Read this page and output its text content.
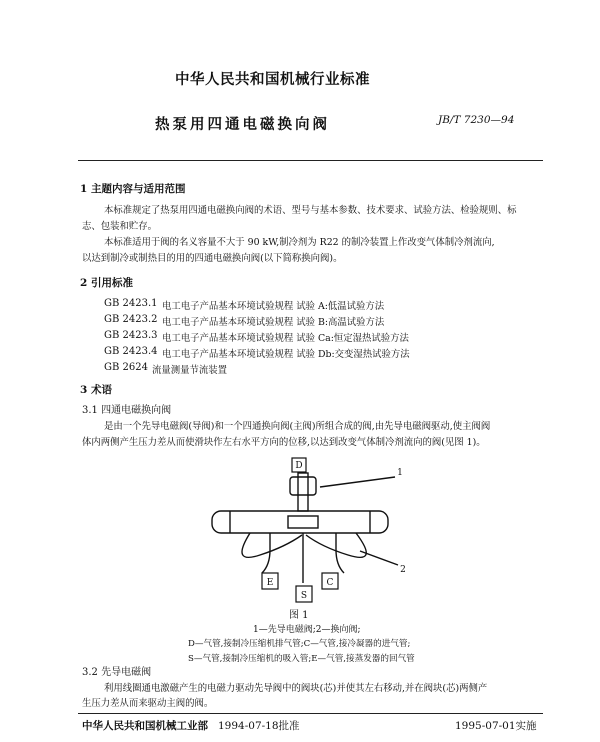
中华人民共和国机械行业标准
热泵用四通电磁换向阀	JB/T 7230—94
1 主题内容与适用范围
本标准规定了热泵用四通电磁换向阀的术语、型号与基本参数、技术要求、试验方法、检验规则、标
志、包装和贮存。
本标准适用于阀的名义容量不大于 90 kW,制冷剂为 R22 的制冷装置上作改变气体制冷剂流向,
以达到制冷或制热目的用的四通电磁换向阀(以下简称换向阀)。
2 引用标准
GB 2423.1 电工电子产品基本环境试验规程 试验 A:低温试验方法
GB 2423.2 电工电子产品基本环境试验规程 试验 B:高温试验方法
GB 2423.3 电工电子产品基本环境试验规程 试验 Ca:恒定湿热试验方法
GB 2423.4 电工电子产品基本环境试验规程 试验 Db:交变湿热试验方法
GB 2624 流量测量节流装置
3 术语
3.1 四通电磁换向阀
是由一个先导电磁阀(导阀)和一个四通换向阀(主阀)所组合成的阀,由先导电磁阀驱动,使主阀阀
体内两侧产生压力差从而使滑块作左右水平方向的位移,以达到改变气体制冷剂流向的阀(见图 1)。
D
E
S
C
1
2
图 1
1—先导电磁阀;2—换向阀;
D—气管,接制冷压缩机排气管;C—气管,接冷凝器的进气管;
S—气管,接制冷压缩机的吸入管;E—气管,接蒸发器的回气管
3.2 先导电磁阀
利用线圈通电激磁产生的电磁力驱动先导阀中的阀块(芯)并使其左右移动,并在阀块(芯)两侧产
生压力差从而来驱动主阀的阀。
中华人民共和国机械工业部 1994-07-18批准	1995-07-01实施
